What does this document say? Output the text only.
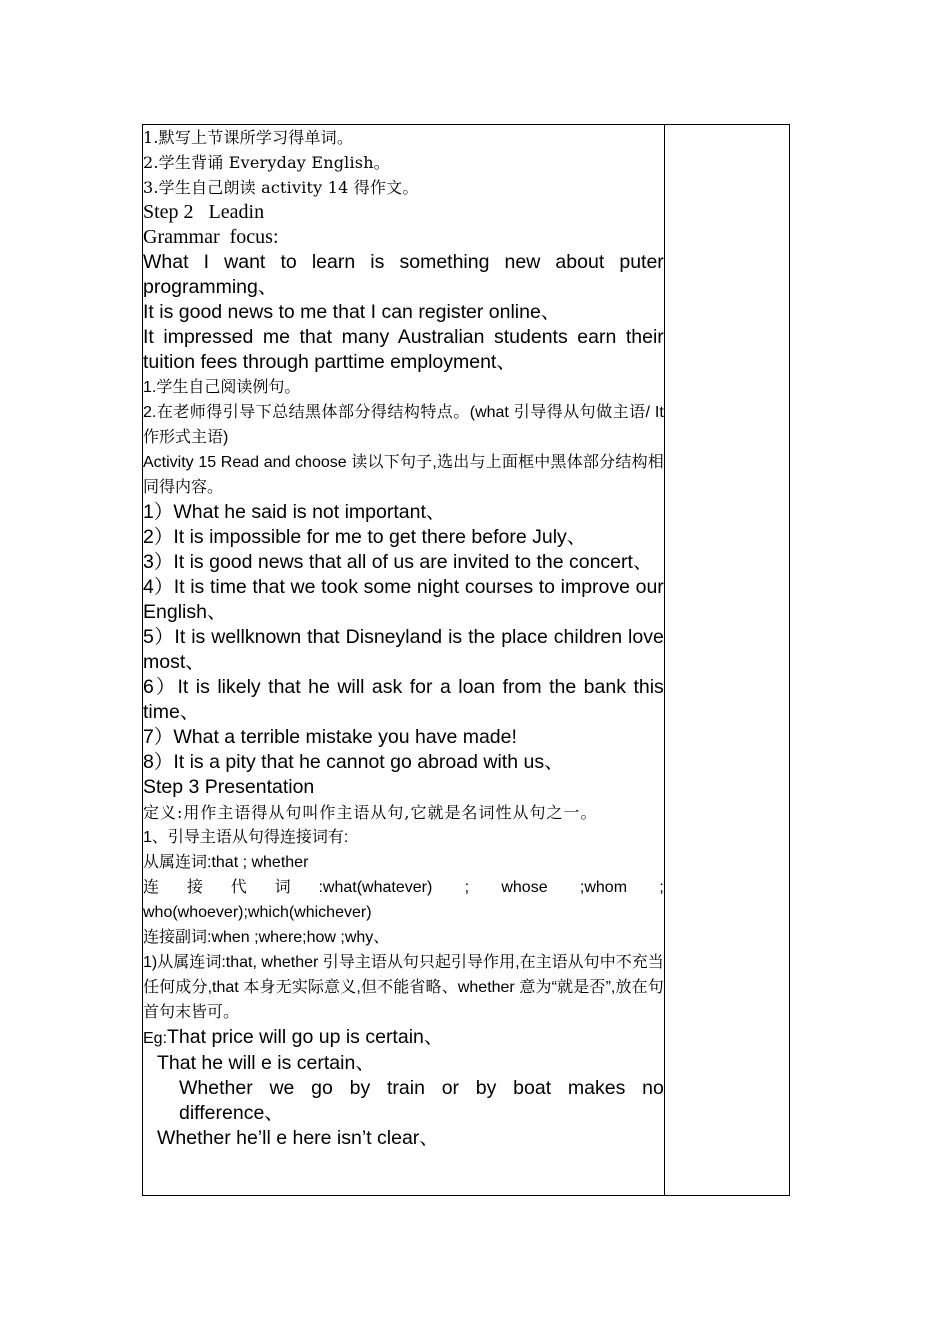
1.默写上节课所学习得单词。

2.学生背诵 Everyday English。

3.学生自己朗读 activity 14 得作文。

Step 2   Leadin

Grammar  focus:

What I want to learn is something new about puter programming、

It is good news to me that I can register online、

It impressed me that many Australian students earn their tuition fees through parttime employment、

1.学生自己阅读例句。

2.在老师得引导下总结黑体部分得结构特点。(what 引导得从句做主语/ It 作形式主语)

Activity 15 Read and choose 读以下句子,选出与上面框中黑体部分结构相同得内容。

1）What he said is not important、

2）It is impossible for me to get there before July、

3）It is good news that all of us are invited to the concert、

4）It is time that we took some night courses to improve our English、

5）It is wellknown that Disneyland is the place children love most、

6）It is likely that he will ask for a loan from the bank this time、

7）What a terrible mistake you have made!

8）It is a pity that he cannot go abroad with us、

Step 3 Presentation

定义:用作主语得从句叫作主语从句,它就是名词性从句之一。

1、引导主语从句得连接词有:

从属连词:that ; whether

连接代词:what(whatever) ; whose ;whom ;

who(whoever);which(whichever)

连接副词:when ;where;how ;why、

1)从属连词:that, whether 引导主语从句只起引导作用,在主语从句中不充当任何成分,that 本身无实际意义,但不能省略、whether 意为“就是否”,放在句首句末皆可。

Eg:That price will go up is certain、

That he will e is certain、

Whether we go by train or by boat makes no difference、

Whether he’ll e here isn’t clear、
